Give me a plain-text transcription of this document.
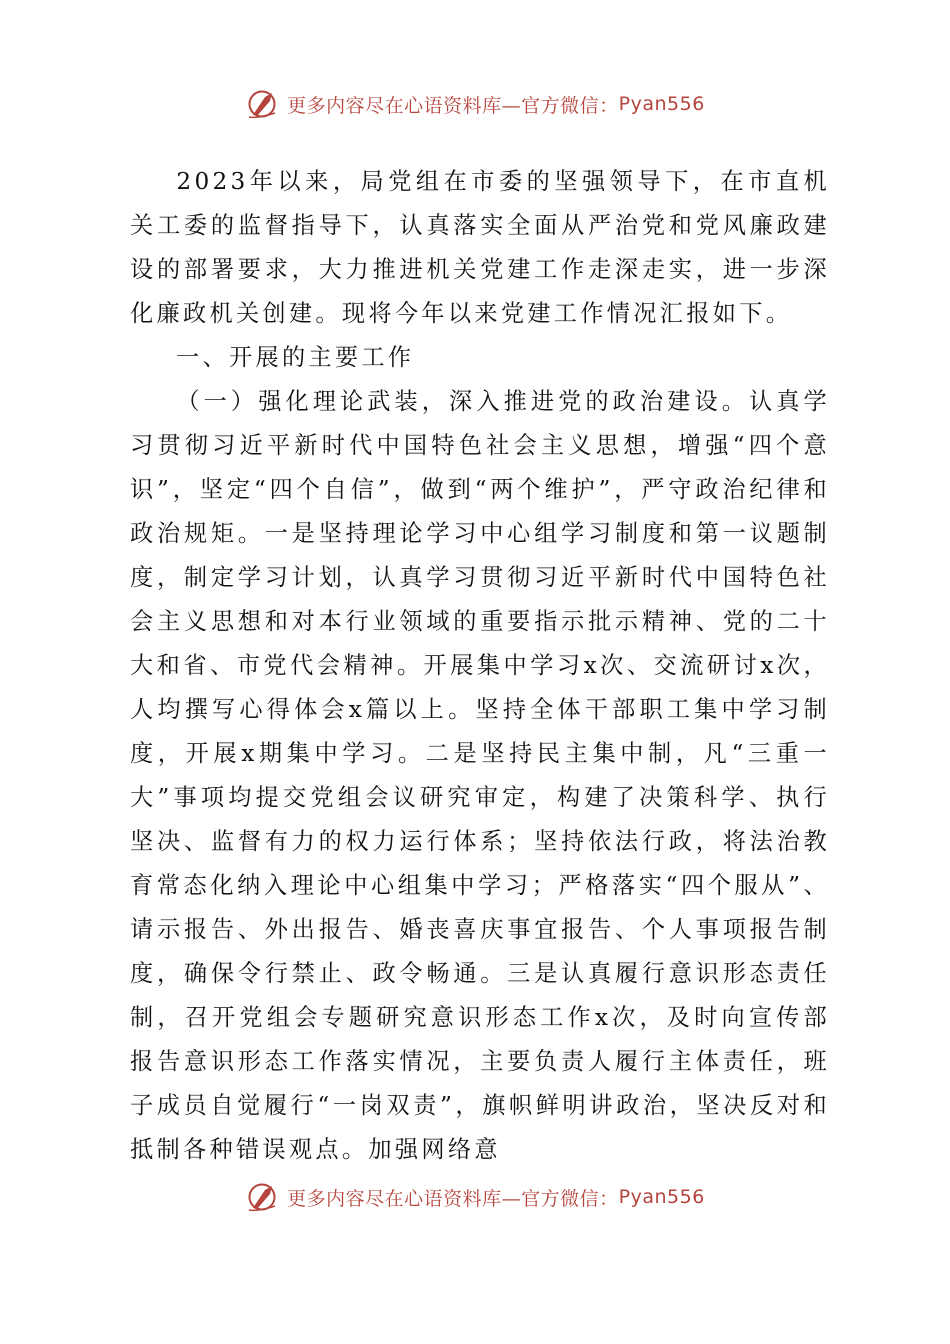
更多内容尽在心语资料库—官方微信： Pyan556

2023年以来，局党组在市委的坚强领导下，在市直机关工委的监督指导下，认真落实全面从严治党和党风廉政建设的部署要求，大力推进机关党建工作走深走实，进一步深化廉政机关创建。现将今年以来党建工作情况汇报如下。

一、开展的主要工作

（一）强化理论武装，深入推进党的政治建设。认真学习贯彻习近平新时代中国特色社会主义思想，增强“四个意识”，坚定“四个自信”，做到“两个维护”，严守政治纪律和政治规矩。一是坚持理论学习中心组学习制度和第一议题制度，制定学习计划，认真学习贯彻习近平新时代中国特色社会主义思想和对本行业领域的重要指示批示精神、党的二十大和省、市党代会精神。开展集中学习x次、交流研讨x次，人均撰写心得体会x篇以上。坚持全体干部职工集中学习制度，开展x期集中学习。二是坚持民主集中制，凡“三重一大”事项均提交党组会议研究审定，构建了决策科学、执行坚决、监督有力的权力运行体系；坚持依法行政，将法治教育常态化纳入理论中心组集中学习；严格落实“四个服从”、请示报告、外出报告、婚丧喜庆事宜报告、个人事项报告制度，确保令行禁止、政令畅通。三是认真履行意识形态责任制，召开党组会专题研究意识形态工作x次，及时向宣传部报告意识形态工作落实情况，主要负责人履行主体责任，班子成员自觉履行“一岗双责”，旗帜鲜明讲政治，坚决反对和抵制各种错误观点。加强网络意

更多内容尽在心语资料库—官方微信： Pyan556
